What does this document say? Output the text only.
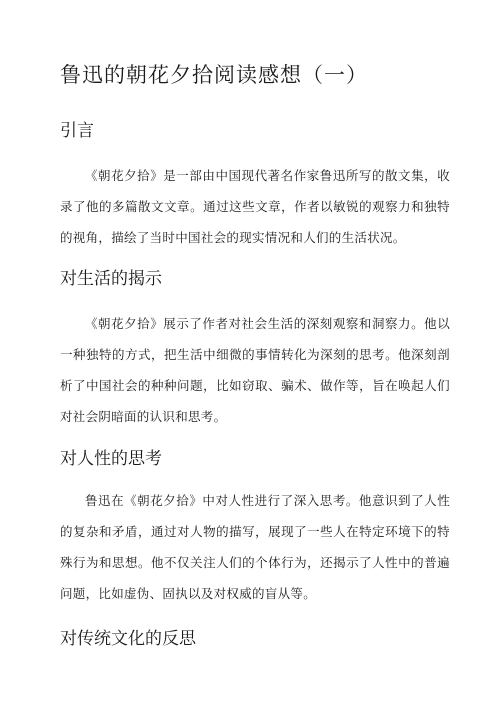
鲁迅的朝花夕拾阅读感想（一）
引言

《朝花夕拾》是一部由中国现代著名作家鲁迅所写的散文集，收录了他的多篇散文文章。通过这些文章，作者以敏锐的观察力和独特的视角，描绘了当时中国社会的现实情况和人们的生活状况。

对生活的揭示

《朝花夕拾》展示了作者对社会生活的深刻观察和洞察力。他以一种独特的方式，把生活中细微的事情转化为深刻的思考。他深刻剖析了中国社会的种种问题，比如窃取、骗术、做作等，旨在唤起人们对社会阴暗面的认识和思考。

对人性的思考

鲁迅在《朝花夕拾》中对人性进行了深入思考。他意识到了人性的复杂和矛盾，通过对人物的描写，展现了一些人在特定环境下的特殊行为和思想。他不仅关注人们的个体行为，还揭示了人性中的普遍问题，比如虚伪、固执以及对权威的盲从等。

对传统文化的反思
